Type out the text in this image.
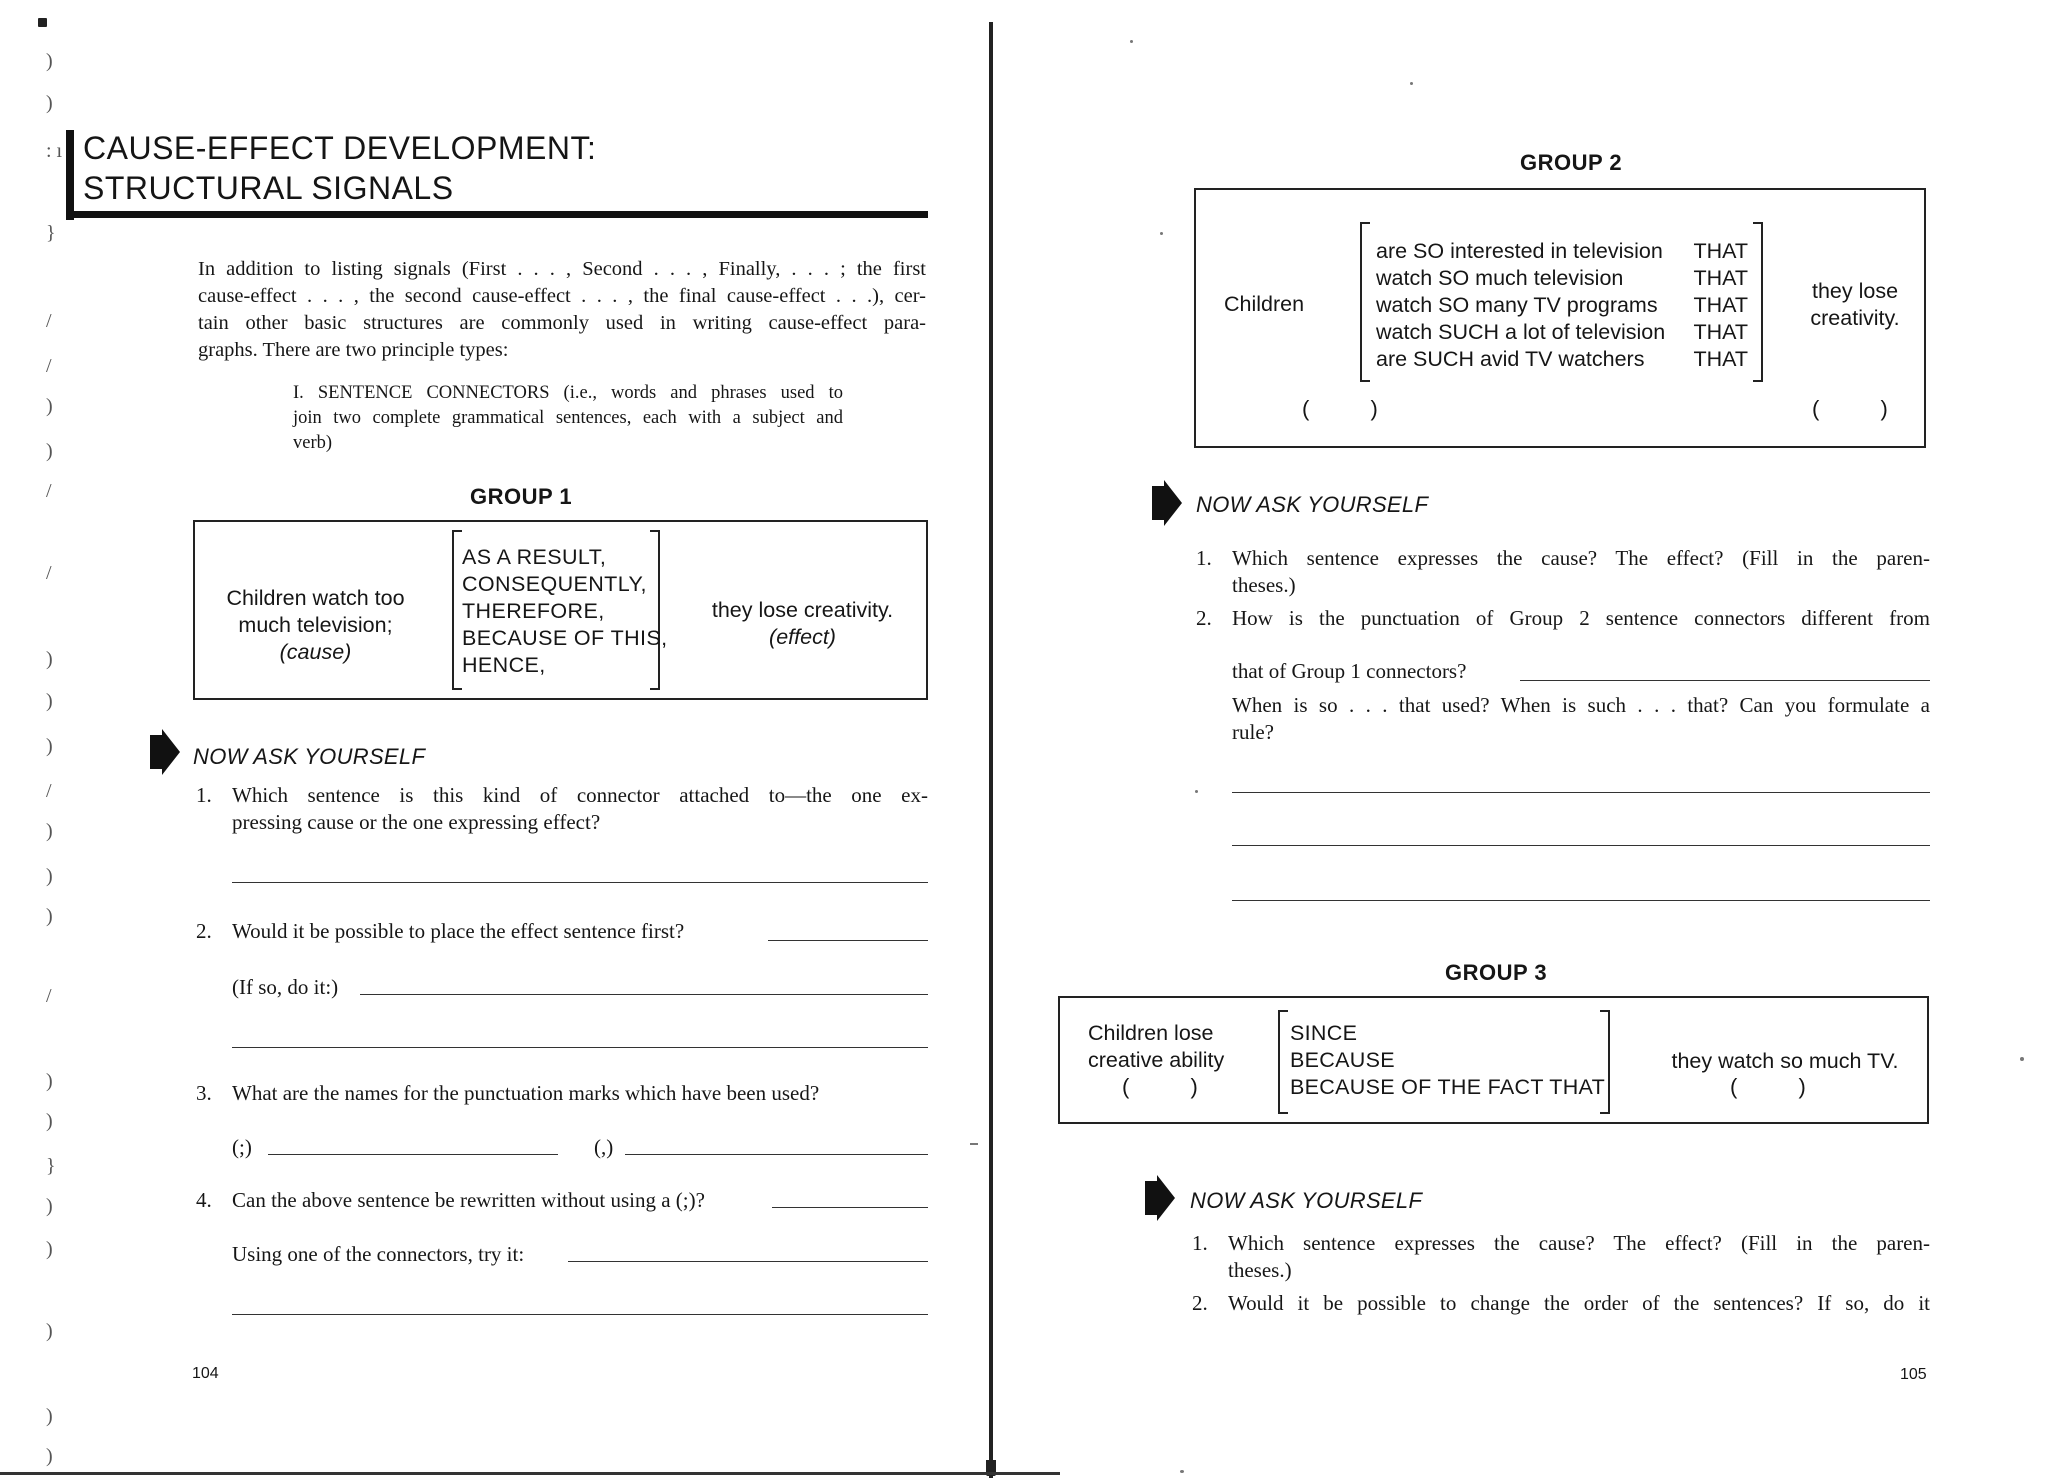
)
)
: ı
}
/
/
)
)
/
/
)
)
)
/
)
)
)
/
)
)
}
)
)
)
)
)
CAUSE-EFFECT DEVELOPMENT:
STRUCTURAL SIGNALS
In addition to listing signals (First . . . , Second . . . , Finally, . . . ; the first
cause-effect . . . , the second cause-effect . . . , the final cause-effect . . .), cer-
tain other basic structures are commonly used in writing cause-effect para-
graphs. There are two principle types:
I. SENTENCE CONNECTORS (i.e., words and phrases used to
join two complete grammatical sentences, each with a subject and
verb)
GROUP 1
Children watch too
much television;
(cause)
AS A RESULT,
CONSEQUENTLY,
THEREFORE,
BECAUSE OF THIS,
HENCE,
they lose creativity.
(effect)
NOW ASK YOURSELF
1. Which sentence is this kind of connector attached to—the one ex-
pressing cause or the one expressing effect?
2. Would it be possible to place the effect sentence first?
(If so, do it:)
3. What are the names for the punctuation marks which have been used?
(;)	(,)
4. Can the above sentence be rewritten without using a (;)?
Using one of the connectors, try it:
104
GROUP 2
Children
are SO interested in television THAT
watch SO much television	THAT
watch SO many TV programs THAT
watch SUCH a lot of television THAT
are SUCH avid TV watchers THAT
they lose
creativity.
(          )	(          )
NOW ASK YOURSELF
1. Which sentence expresses the cause? The effect? (Fill in the paren-
theses.)
2. How is the punctuation of Group 2 sentence connectors different from
that of Group 1 connectors?
When is so . . . that used? When is such . . . that? Can you formulate a
rule?
GROUP 3
Children lose
creative ability
(          )
SINCE
BECAUSE
BECAUSE OF THE FACT THAT
they watch so much TV.
(          )
NOW ASK YOURSELF
1. Which sentence expresses the cause? The effect? (Fill in the paren-
theses.)
2. Would it be possible to change the order of the sentences? If so, do it
105
